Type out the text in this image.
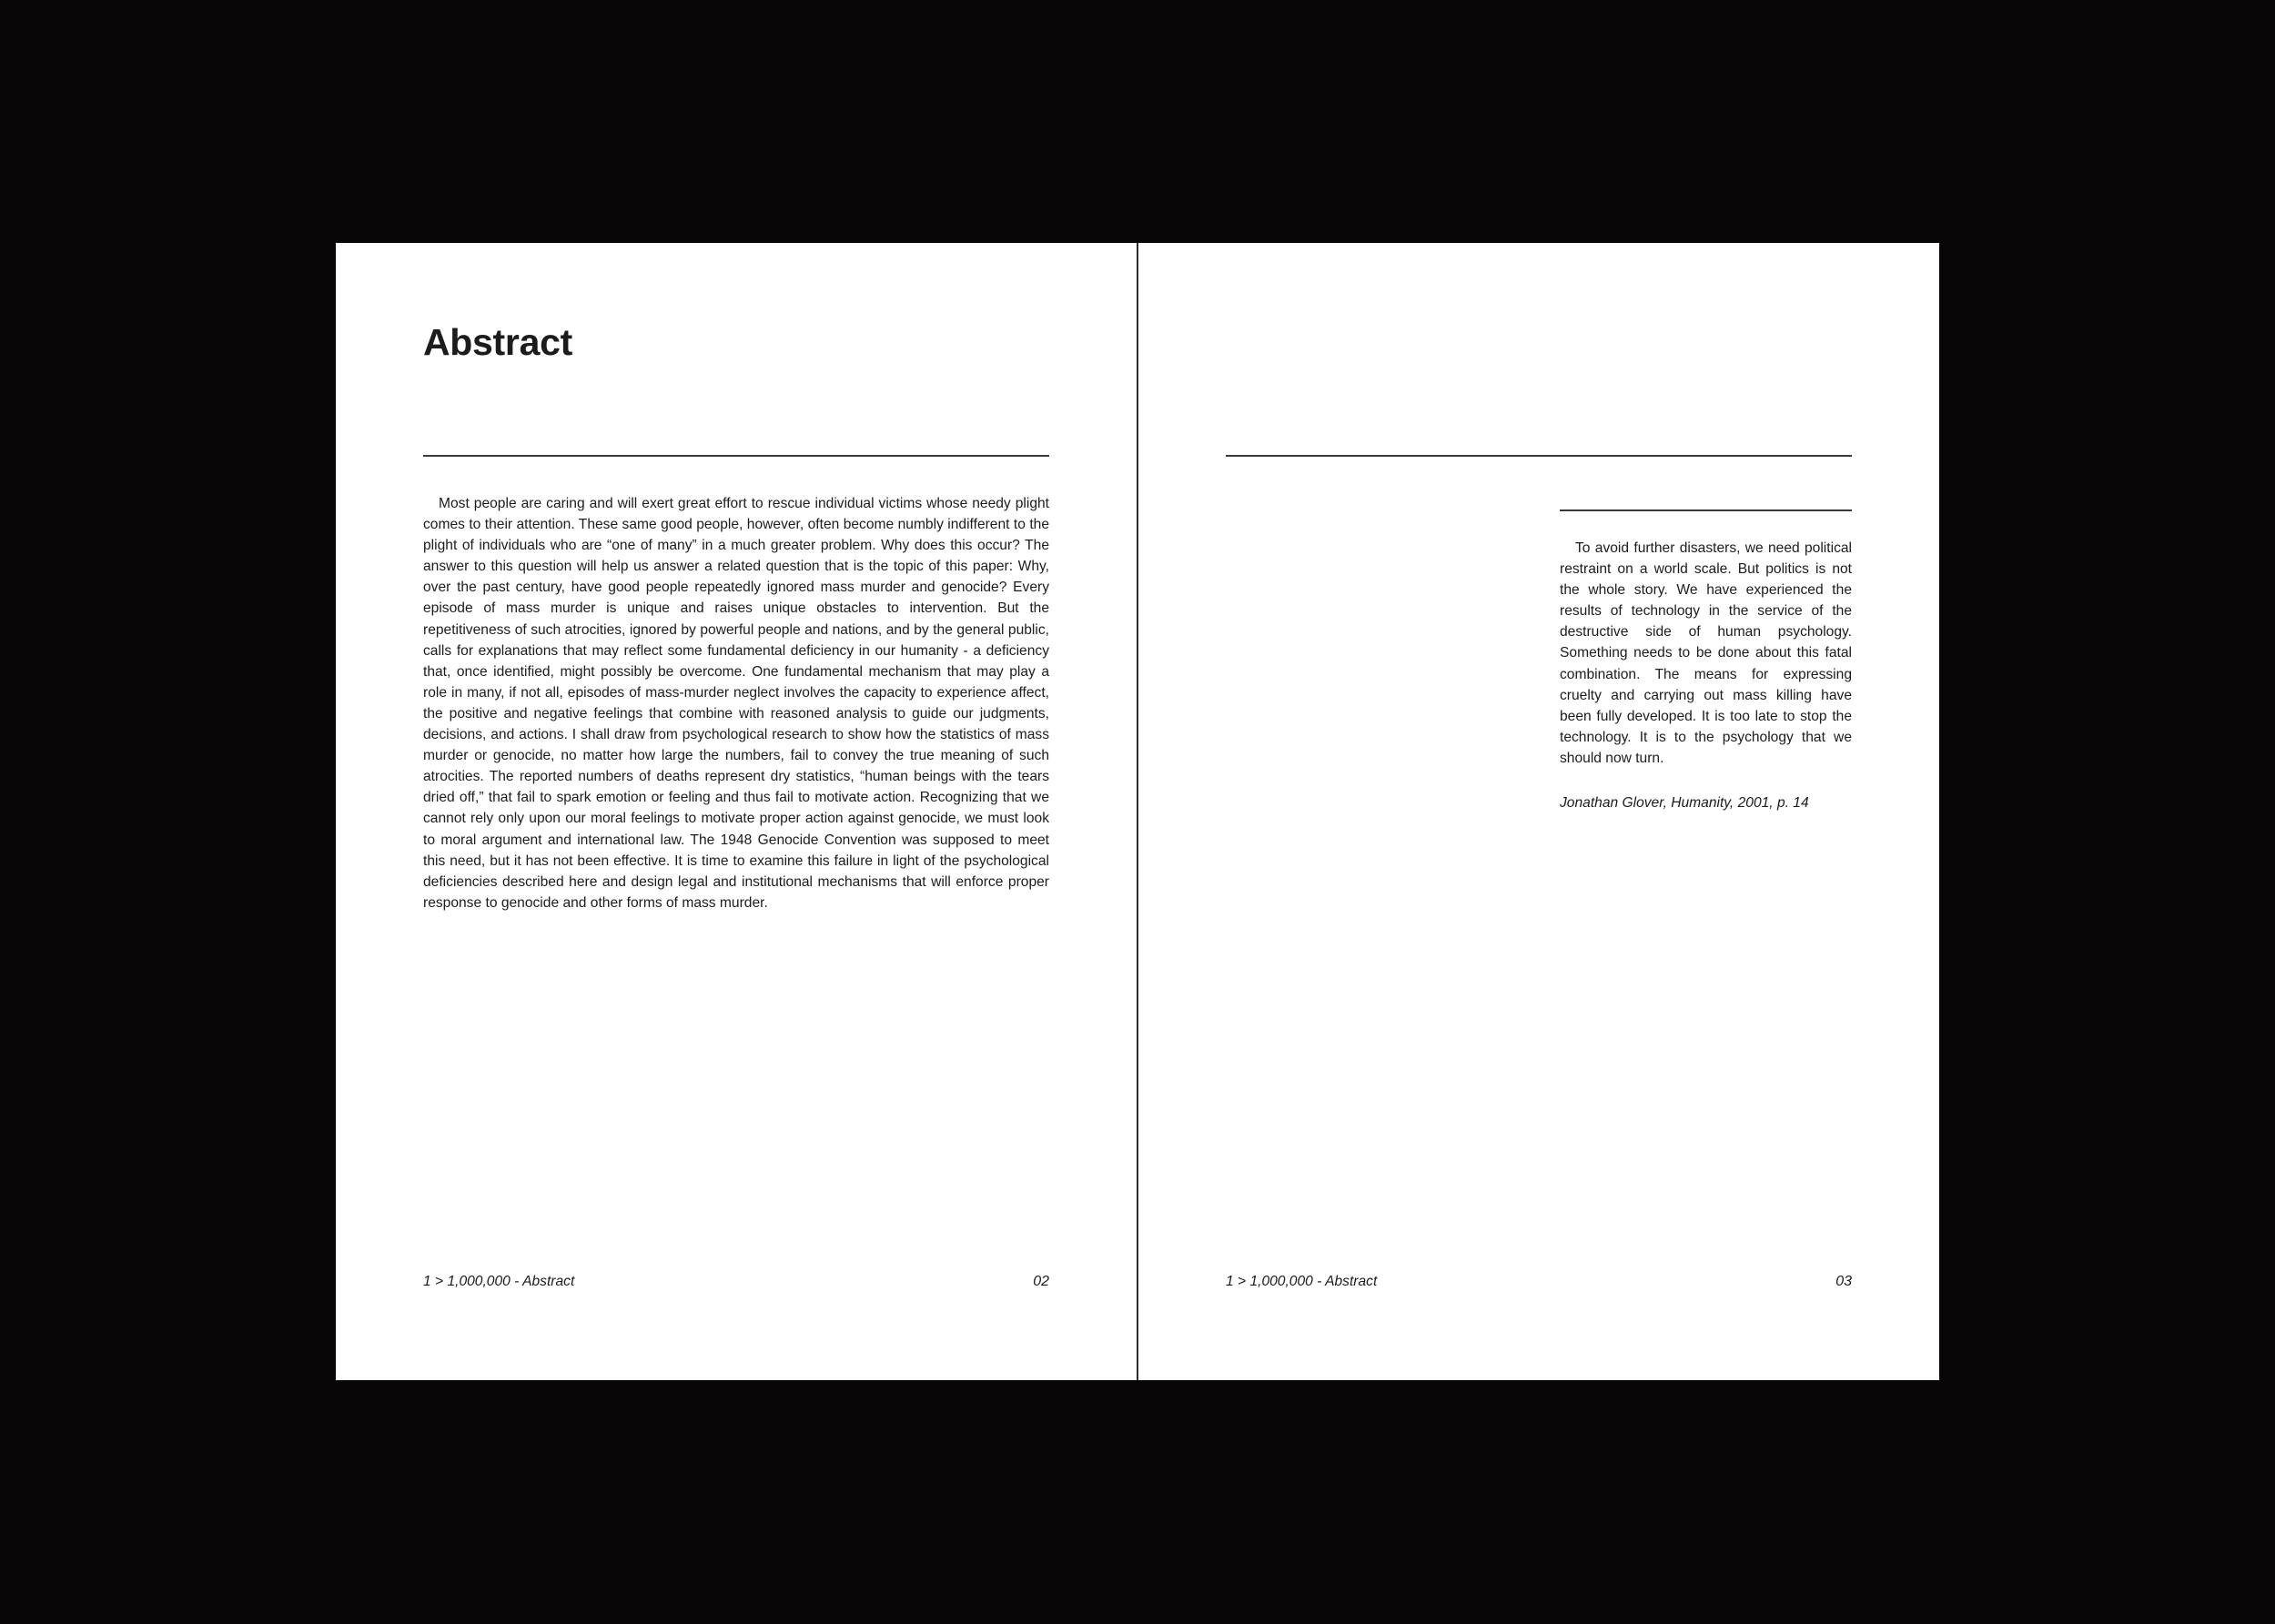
Abstract

Most people are caring and will exert great effort to rescue individual victims whose needy plight comes to their attention. These same good people, however, often become numbly indifferent to the plight of individuals who are “one of many” in a much greater problem. Why does this occur? The answer to this question will help us answer a related question that is the topic of this paper: Why, over the past century, have good people repeatedly ignored mass murder and genocide? Every episode of mass murder is unique and raises unique obstacles to intervention. But the repetitiveness of such atrocities, ignored by powerful people and nations, and by the general public, calls for explanations that may reflect some fundamental deficiency in our humanity - a deficiency that, once identified, might possibly be overcome. One fundamental mechanism that may play a role in many, if not all, episodes of mass-murder neglect involves the capacity to experience affect, the positive and negative feelings that combine with reasoned analysis to guide our judgments, decisions, and actions. I shall draw from psychological research to show how the statistics of mass murder or genocide, no matter how large the numbers, fail to convey the true meaning of such atrocities. The reported numbers of deaths represent dry statistics, “human beings with the tears dried off,” that fail to spark emotion or feeling and thus fail to motivate action. Recognizing that we cannot rely only upon our moral feelings to motivate proper action against genocide, we must look to moral argument and international law. The 1948 Genocide Convention was supposed to meet this need, but it has not been effective. It is time to examine this failure in light of the psychological deficiencies described here and design legal and institutional mechanisms that will enforce proper response to genocide and other forms of mass murder.

1 > 1,000,000 - Abstract	02

To avoid further disasters, we need political restraint on a world scale. But politics is not the whole story. We have experienced the results of technology in the service of the destructive side of human psychology. Something needs to be done about this fatal combination. The means for expressing cruelty and carrying out mass killing have been fully developed. It is too late to stop the technology. It is to the psychology that we should now turn.

Jonathan Glover, Humanity, 2001, p. 14

1 > 1,000,000 - Abstract	03
